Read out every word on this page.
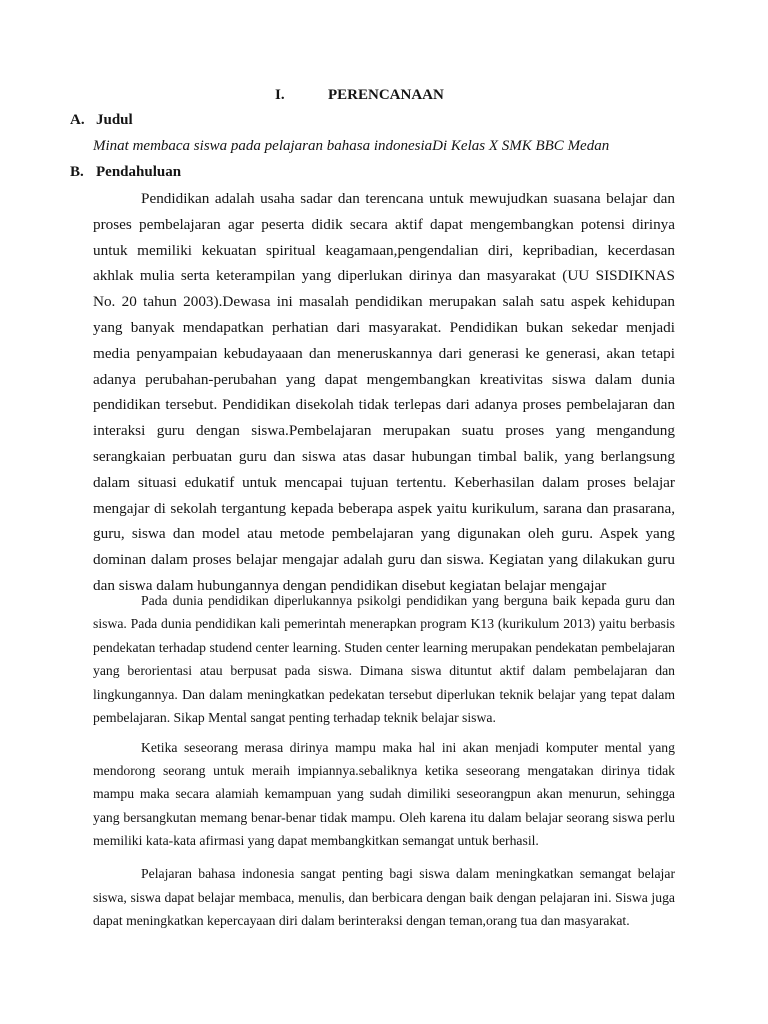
I.	PERENCANAAN
A. Judul
Minat membaca siswa pada pelajaran bahasa indonesiaDi Kelas X SMK BBC Medan
B. Pendahuluan

Pendidikan adalah usaha sadar dan terencana untuk mewujudkan suasana belajar dan proses pembelajaran agar peserta didik secara aktif dapat mengembangkan potensi dirinya untuk memiliki kekuatan spiritual keagamaan,pengendalian diri, kepribadian, kecerdasan akhlak mulia serta keterampilan yang diperlukan dirinya dan masyarakat (UU SISDIKNAS No. 20 tahun 2003).Dewasa ini masalah pendidikan merupakan salah satu aspek kehidupan yang banyak mendapatkan perhatian dari masyarakat. Pendidikan bukan sekedar menjadi media penyampaian kebudayaaan dan meneruskannya dari generasi ke generasi, akan tetapi adanya perubahan-perubahan yang dapat mengembangkan kreativitas siswa dalam dunia pendidikan tersebut. Pendidikan disekolah tidak terlepas dari adanya proses pembelajaran dan interaksi guru dengan siswa.Pembelajaran merupakan suatu proses yang mengandung serangkaian perbuatan guru dan siswa atas dasar hubungan timbal balik, yang berlangsung dalam situasi edukatif untuk mencapai tujuan tertentu. Keberhasilan dalam proses belajar mengajar di sekolah tergantung kepada beberapa aspek yaitu kurikulum, sarana dan prasarana, guru, siswa dan model atau metode pembelajaran yang digunakan oleh guru. Aspek yang dominan dalam proses belajar mengajar adalah guru dan siswa. Kegiatan yang dilakukan guru dan siswa dalam hubungannya dengan pendidikan disebut kegiatan belajar mengajar

Pada dunia pendidikan diperlukannya psikolgi pendidikan yang berguna baik kepada guru dan siswa. Pada dunia pendidikan kali pemerintah menerapkan program K13 (kurikulum 2013) yaitu berbasis pendekatan terhadap studend center learning. Studen center learning merupakan pendekatan pembelajaran yang berorientasi atau berpusat pada siswa. Dimana siswa dituntut aktif dalam pembelajaran dan lingkungannya. Dan dalam meningkatkan pedekatan tersebut diperlukan teknik belajar yang tepat dalam pembelajaran. Sikap Mental sangat penting terhadap teknik belajar siswa.

Ketika seseorang merasa dirinya mampu maka hal ini akan menjadi komputer mental yang mendorong seorang untuk meraih impiannya.sebaliknya ketika seseorang mengatakan dirinya tidak mampu maka secara alamiah kemampuan yang sudah dimiliki seseorangpun akan menurun, sehingga yang bersangkutan memang benar-benar tidak mampu. Oleh karena itu dalam belajar seorang siswa perlu memiliki kata-kata afirmasi yang dapat membangkitkan semangat untuk berhasil.

Pelajaran bahasa indonesia sangat penting bagi siswa dalam meningkatkan semangat belajar siswa, siswa dapat belajar membaca, menulis, dan berbicara dengan baik dengan pelajaran ini. Siswa juga dapat meningkatkan kepercayaan diri dalam berinteraksi dengan teman,orang tua dan masyarakat.
